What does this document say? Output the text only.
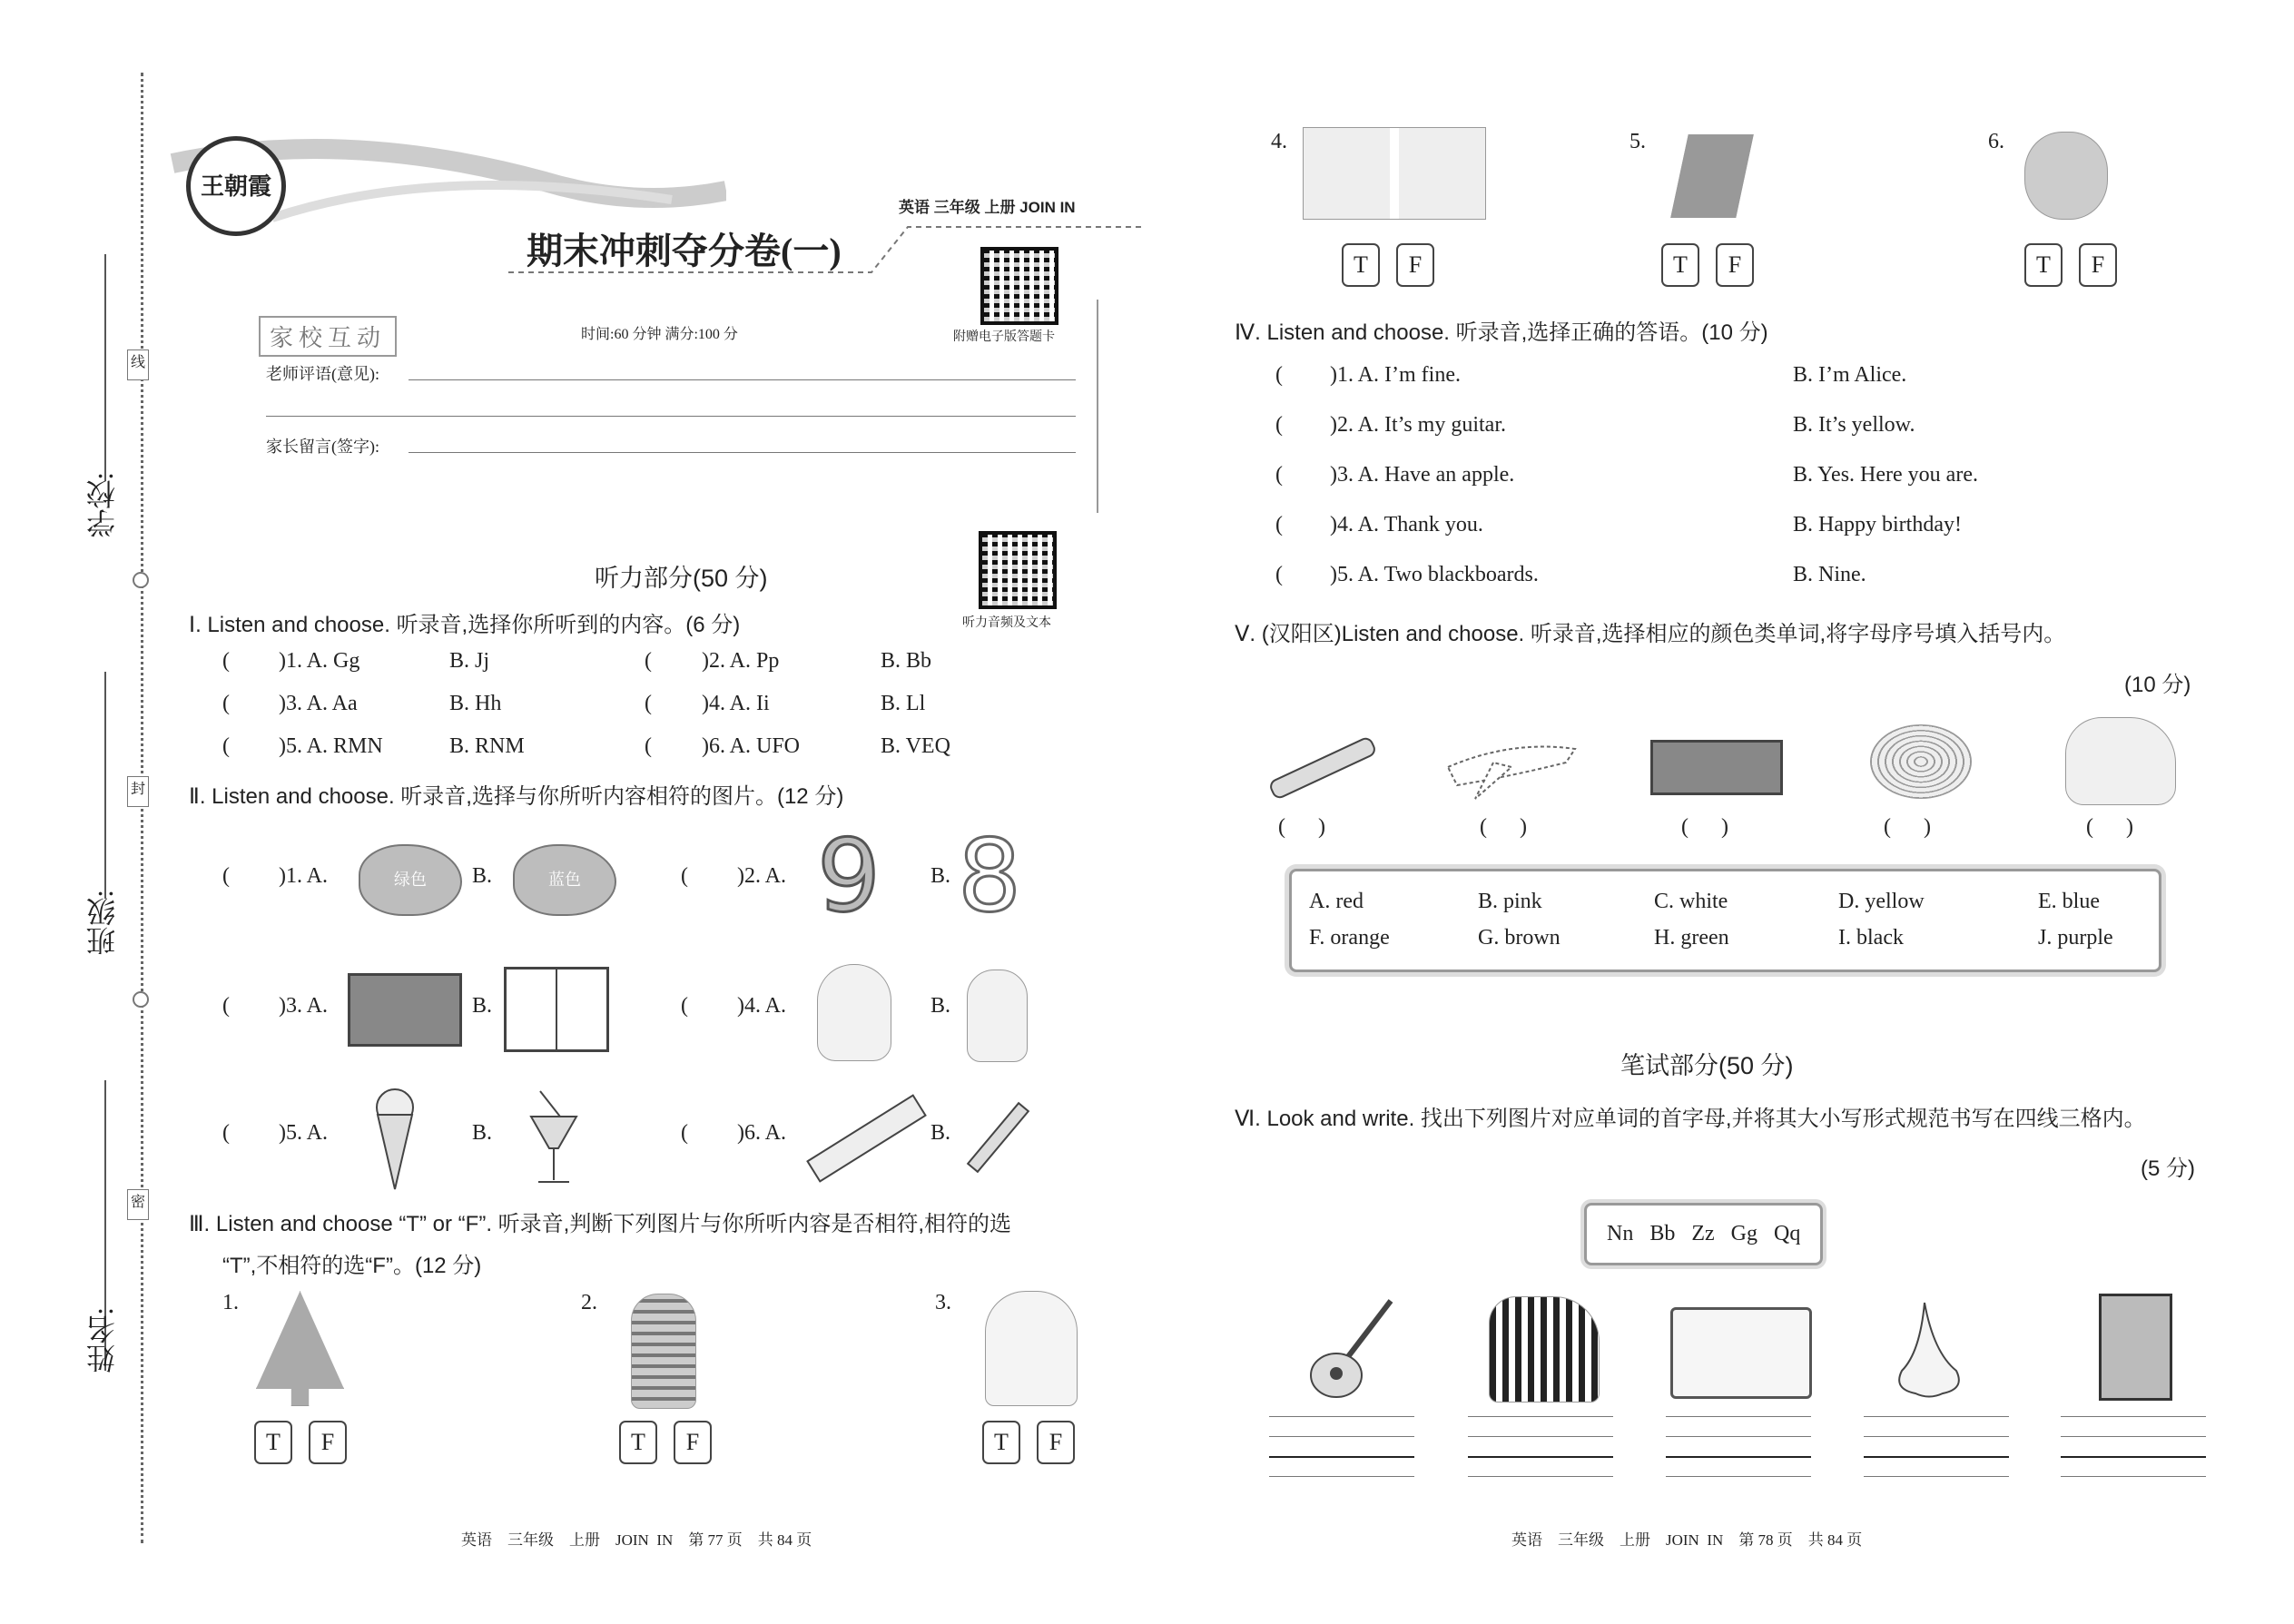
学校:
班级:
姓名:
线
封
密
王朝霞
英语 三年级 上册 JOIN IN
期末冲刺夺分卷(一)
附赠电子版答题卡
家校互动	时间:60 分钟 满分:100 分
老师评语(意见):
家长留言(签字):
听力部分(50 分)
听力音频及文本
Ⅰ. Listen and choose. 听录音,选择你所听到的内容。(6 分)
( )1. A. Gg	B. Jj	( )2. A. Pp	B. Bb
( )3. A. Aa	B. Hh	( )4. A. Ii	B. Ll
( )5. A. RMN	B. RNM	( )6. A. UFO	B. VEQ
Ⅱ. Listen and choose. 听录音,选择与你所听内容相符的图片。(12 分)
( )1. A.	绿色	B.	蓝色	( )2. A. 9 B. 8
( )3. A.	B.	( )4. A.	B.
( )5. A.	B.	( )6. A.	B.
Ⅲ. Listen and choose “T” or “F”. 听录音,判断下列图片与你所听内容是否相符,相符的选
“T”,不相符的选“F”。(12 分)
1.	2.	3.
T	F	T	F	T	F
英语    三年级    上册    JOIN  IN    第 77 页    共 84 页
4.	5.	6.
T	F	T	F	T	F
Ⅳ. Listen and choose. 听录音,选择正确的答语。(10 分)
( )1. A. I’m fine.	B. I’m Alice.
( )2. A. It’s my guitar.	B. It’s yellow.
( )3. A. Have an apple.	B. Yes. Here you are.
( )4. A. Thank you.	B. Happy birthday!
( )5. A. Two blackboards.	B. Nine.
Ⅴ. (汉阳区)Listen and choose. 听录音,选择相应的颜色类单词,将字母序号填入括号内。
(10 分)
(      )	(      )	(      )	(      )	(      )
A. red	B. pink	C. white	D. yellow	E. blue
F. orange	G. brown	H. green	I. black	J. purple
笔试部分(50 分)
Ⅵ. Look and write. 找出下列图片对应单词的首字母,并将其大小写形式规范书写在四线三格内。
(5 分)
Nn   Bb   Zz   Gg   Qq
英语    三年级    上册    JOIN  IN    第 78 页    共 84 页
